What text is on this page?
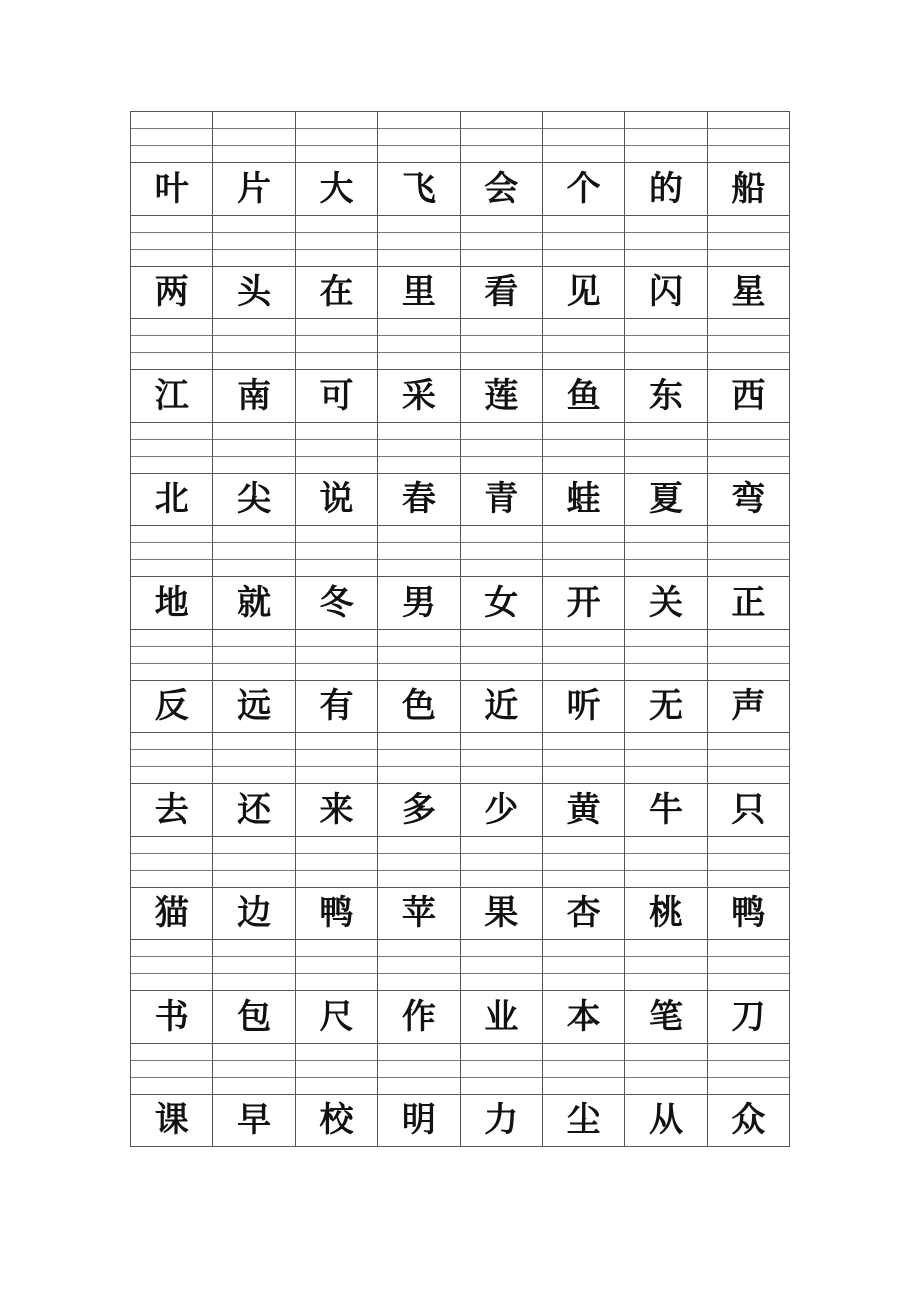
叶	片	大	飞	会	个	的	船
两	头	在	里	看	见	闪	星
江	南	可	采	莲	鱼	东	西
北	尖	说	春	青	蛙	夏	弯
地	就	冬	男	女	开	关	正
反	远	有	色	近	听	无	声
去	还	来	多	少	黄	牛	只
猫	边	鸭	苹	果	杏	桃	鸭
书	包	尺	作	业	本	笔	刀
课	早	校	明	力	尘	从	众
